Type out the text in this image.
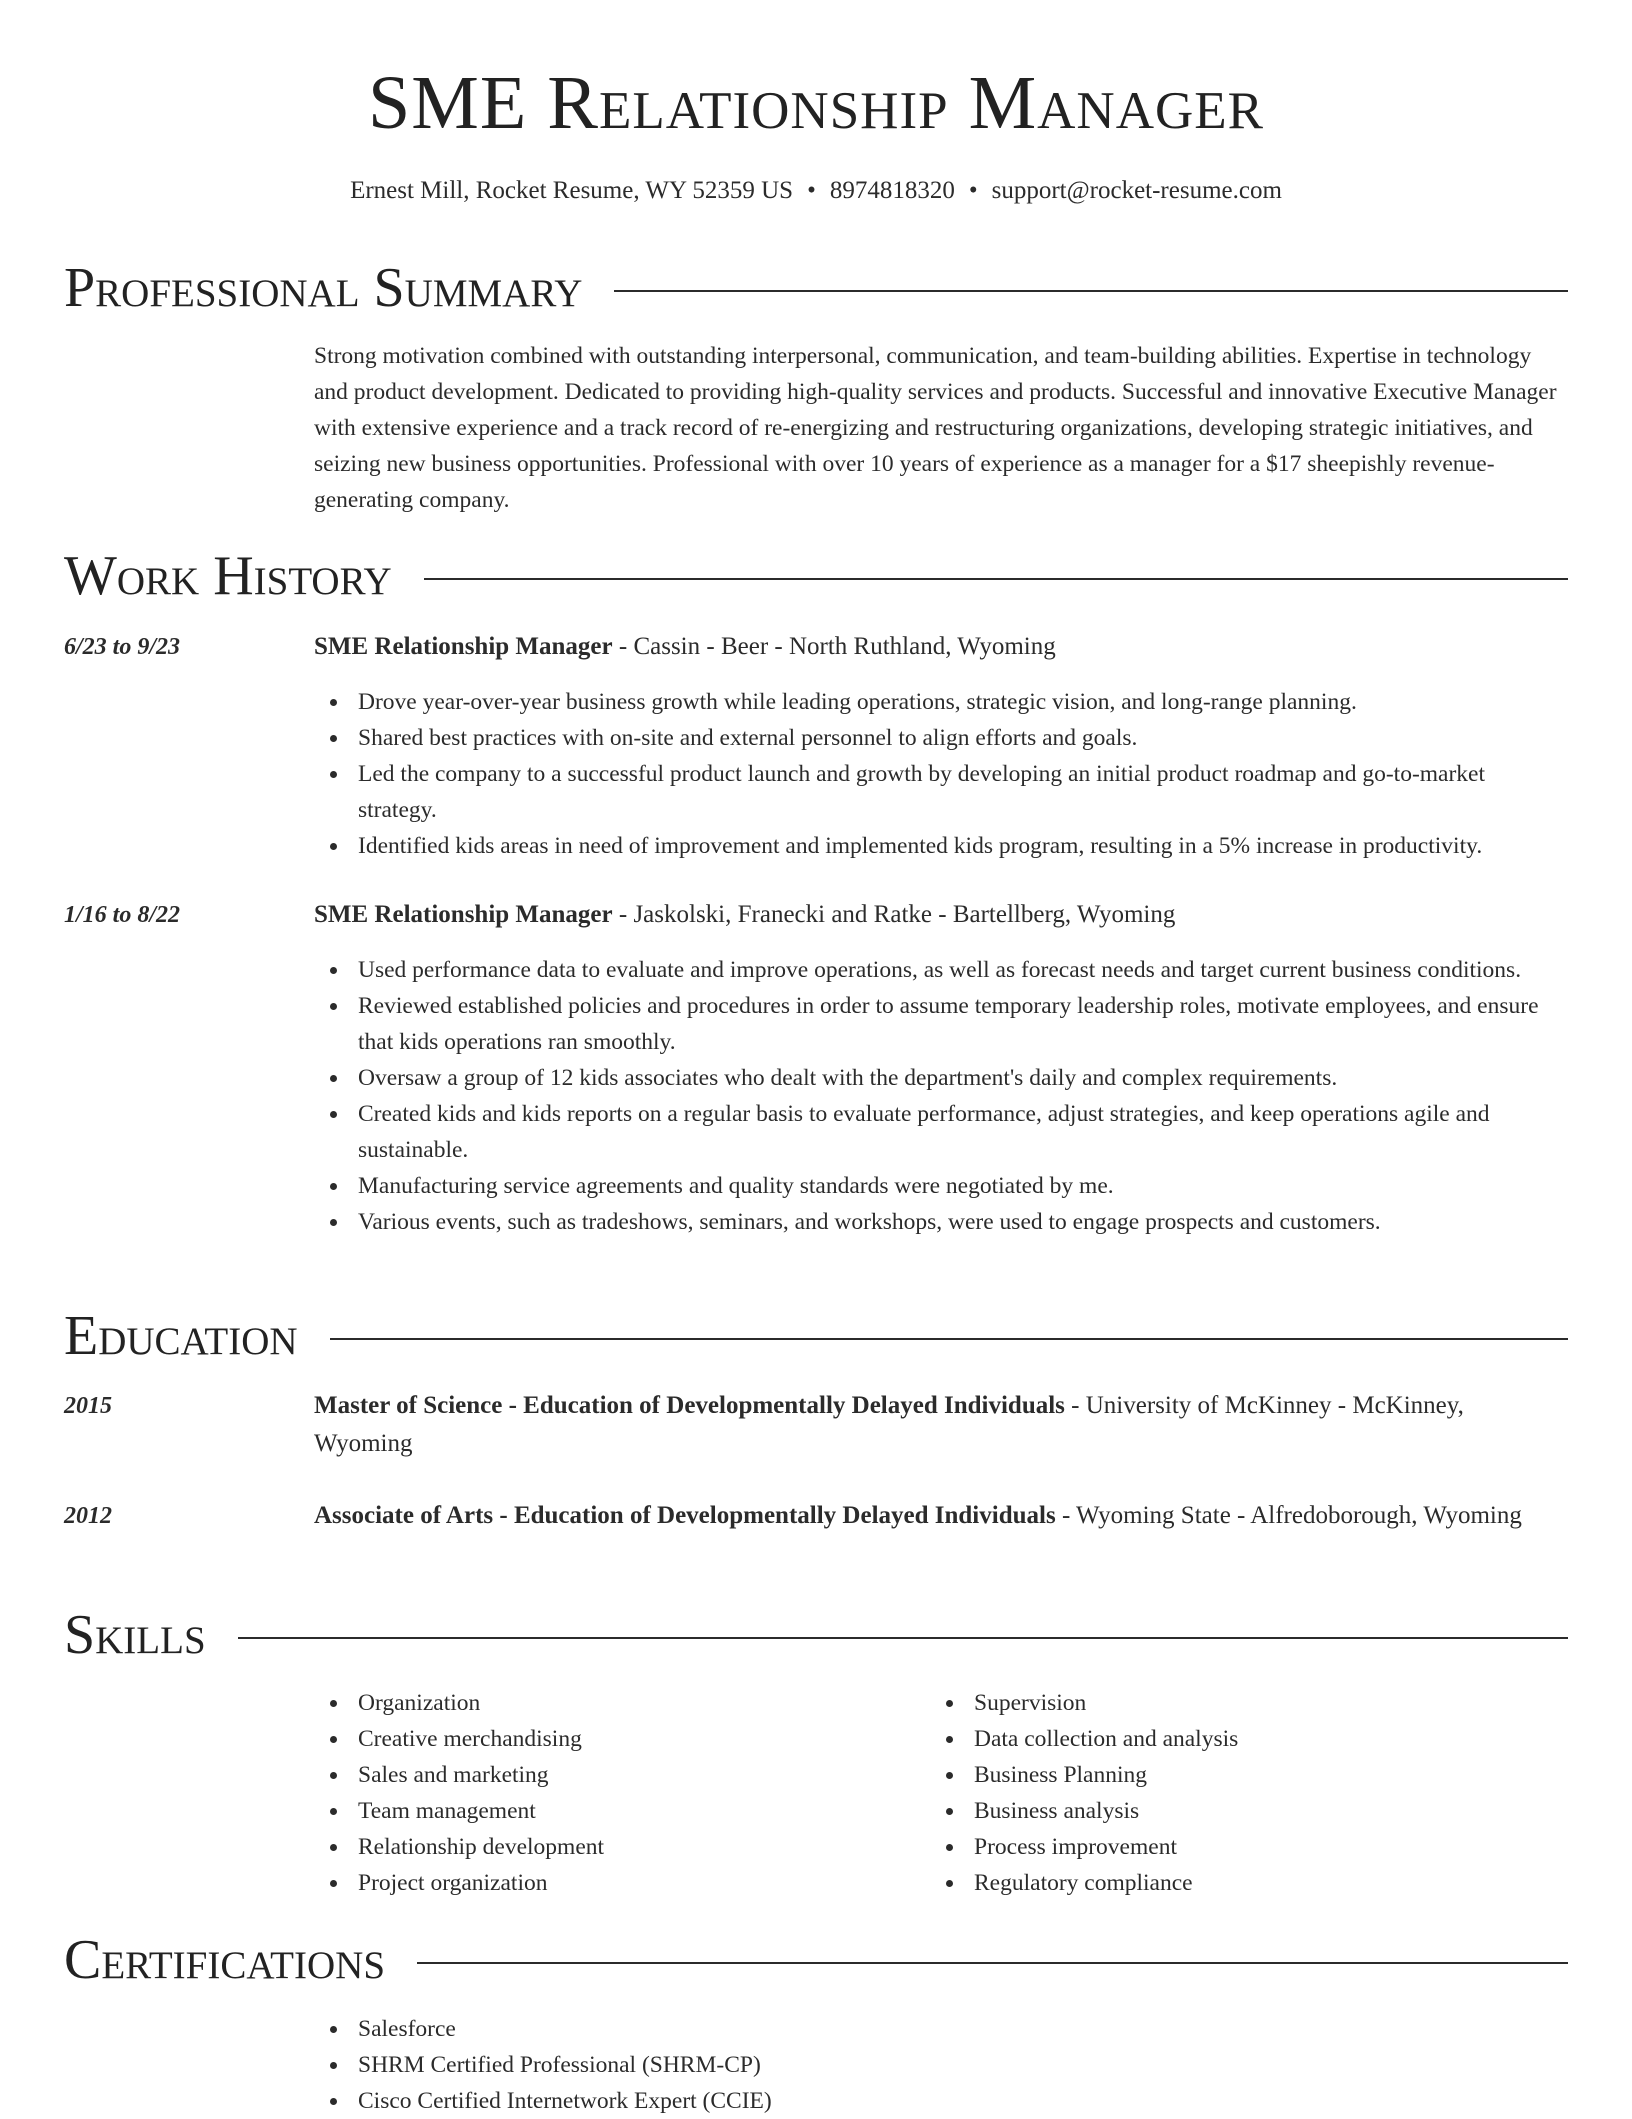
SME Relationship Manager
Ernest Mill, Rocket Resume, WY 52359 US • 8974818320 • support@rocket-resume.com
Professional Summary
Strong motivation combined with outstanding interpersonal, communication, and team-building abilities. Expertise in technology and product development. Dedicated to providing high-quality services and products. Successful and innovative Executive Manager with extensive experience and a track record of re-energizing and restructuring organizations, developing strategic initiatives, and seizing new business opportunities. Professional with over 10 years of experience as a manager for a $17 sheepishly revenue-generating company.
Work History
6/23 to 9/23	SME Relationship Manager - Cassin - Beer - North Ruthland, Wyoming
Drove year-over-year business growth while leading operations, strategic vision, and long-range planning.
Shared best practices with on-site and external personnel to align efforts and goals.
Led the company to a successful product launch and growth by developing an initial product roadmap and go-to-market strategy.
Identified kids areas in need of improvement and implemented kids program, resulting in a 5% increase in productivity.
1/16 to 8/22	SME Relationship Manager - Jaskolski, Franecki and Ratke - Bartellberg, Wyoming
Used performance data to evaluate and improve operations, as well as forecast needs and target current business conditions.
Reviewed established policies and procedures in order to assume temporary leadership roles, motivate employees, and ensure that kids operations ran smoothly.
Oversaw a group of 12 kids associates who dealt with the department's daily and complex requirements.
Created kids and kids reports on a regular basis to evaluate performance, adjust strategies, and keep operations agile and sustainable.
Manufacturing service agreements and quality standards were negotiated by me.
Various events, such as tradeshows, seminars, and workshops, were used to engage prospects and customers.
Education
2015	Master of Science - Education of Developmentally Delayed Individuals - University of McKinney - McKinney, Wyoming
2012	Associate of Arts - Education of Developmentally Delayed Individuals - Wyoming State - Alfredoborough, Wyoming
Skills
Organization
Creative merchandising
Sales and marketing
Team management
Relationship development
Project organization
Supervision
Data collection and analysis
Business Planning
Business analysis
Process improvement
Regulatory compliance
Certifications
Salesforce
SHRM Certified Professional (SHRM-CP)
Cisco Certified Internetwork Expert (CCIE)
